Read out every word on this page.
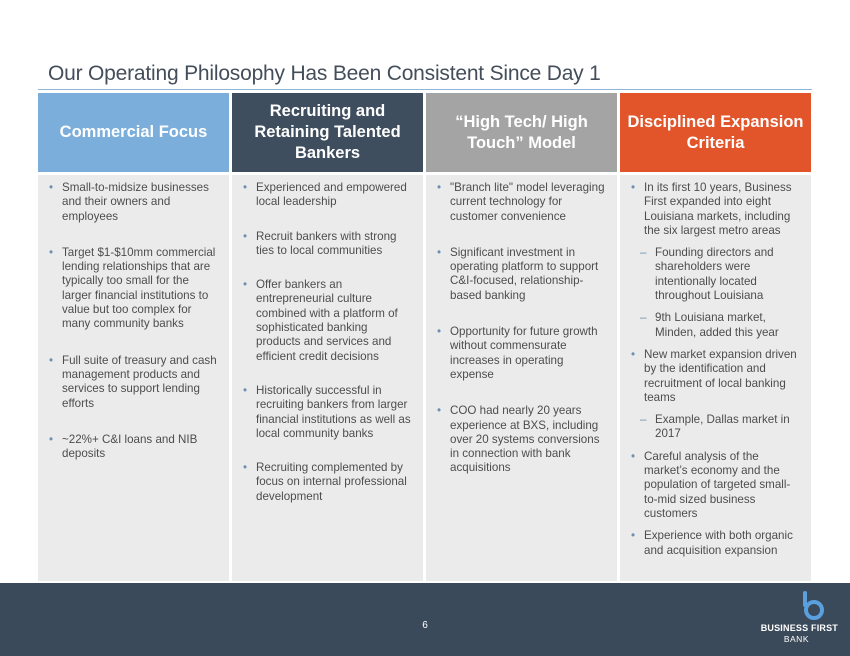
Our Operating Philosophy Has Been Consistent Since Day 1
Commercial Focus
• Small-to-midsize businesses and their owners and employees
• Target $1-$10mm commercial lending relationships that are typically too small for the larger financial institutions to value but too complex for many community banks
• Full suite of treasury and cash management products and services to support lending efforts
• ~22%+ C&I loans and NIB deposits
Recruiting and Retaining Talented Bankers
• Experienced and empowered local leadership
• Recruit bankers with strong ties to local communities
• Offer bankers an entrepreneurial culture combined with a platform of sophisticated banking products and services and efficient credit decisions
• Historically successful in recruiting bankers from larger financial institutions as well as local community banks
• Recruiting complemented by focus on internal professional development
“High Tech/ High Touch” Model
• "Branch lite" model leveraging current technology for customer convenience
• Significant investment in operating platform to support C&I-focused, relationship-based banking
• Opportunity for future growth without commensurate increases in operating expense
• COO had nearly 20 years experience at BXS, including over 20 systems conversions in connection with bank acquisitions
Disciplined Expansion Criteria
• In its first 10 years, Business First expanded into eight Louisiana markets, including the six largest metro areas
– Founding directors and shareholders were intentionally located throughout Louisiana
– 9th Louisiana market, Minden, added this year
• New market expansion driven by the identification and recruitment of local banking teams
– Example, Dallas market in 2017
• Careful analysis of the market’s economy and the population of targeted small-to-mid sized business customers
• Experience with both organic and acquisition expansion
6	BUSINESS FIRST
BANK
